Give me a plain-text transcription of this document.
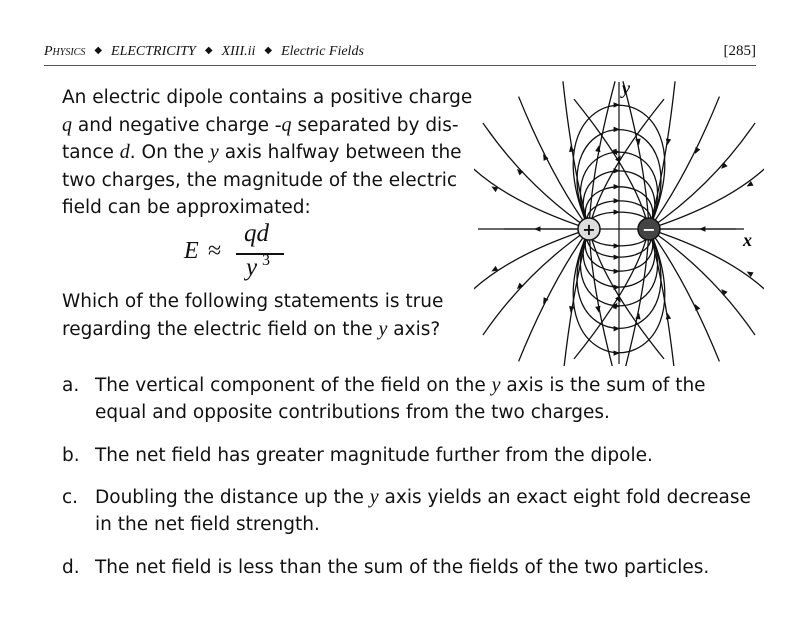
Physics ◆ ELECTRICITY ◆ XIII.ii ◆ Electric Fields	[285]
An electric dipole contains a positive charge
q and negative charge -q separated by dis-
tance d. On the y axis halfway between the
two charges, the magnitude of the electric
field can be approximated:
E ≈
qd
y 3
Which of the following statements is true
regarding the electric field on the y axis?
y
x
+	−
a. The vertical component of the field on the y axis is the sum of the
equal and opposite contributions from the two charges.
b. The net field has greater magnitude further from the dipole.
c. Doubling the distance up the y axis yields an exact eight fold decrease
in the net field strength.
d. The net field is less than the sum of the fields of the two particles.
